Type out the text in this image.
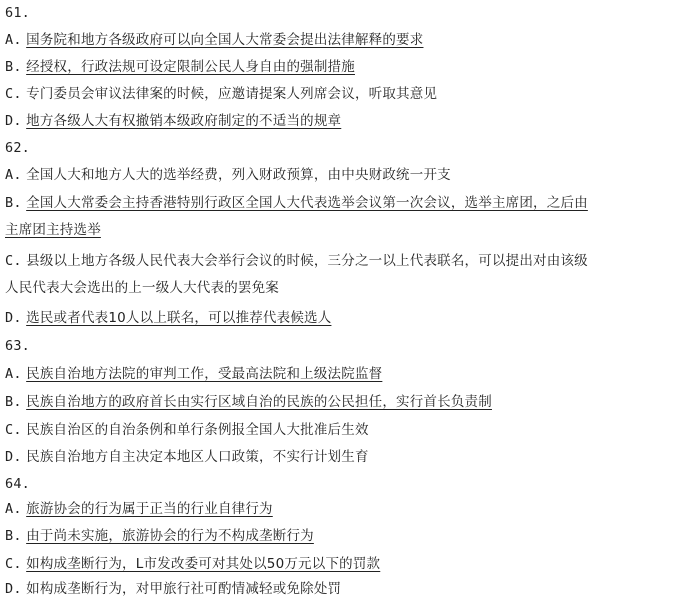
61.
A. 国务院和地方各级政府可以向全国人大常委会提出法律解释的要求
B. 经授权，行政法规可设定限制公民人身自由的强制措施
C. 专门委员会审议法律案的时候，应邀请提案人列席会议，听取其意见
D. 地方各级人大有权撤销本级政府制定的不适当的规章
62.
A. 全国人大和地方人大的选举经费，列入财政预算，由中央财政统一开支
B. 全国人大常委会主持香港特别行政区全国人大代表选举会议第一次会议，选举主席团，之后由
主席团主持选举
C. 县级以上地方各级人民代表大会举行会议的时候，三分之一以上代表联名，可以提出对由该级
人民代表大会选出的上一级人大代表的罢免案
D. 选民或者代表10人以上联名，可以推荐代表候选人
63.
A. 民族自治地方法院的审判工作，受最高法院和上级法院监督
B. 民族自治地方的政府首长由实行区域自治的民族的公民担任，实行首长负责制
C. 民族自治区的自治条例和单行条例报全国人大批准后生效
D. 民族自治地方自主决定本地区人口政策，不实行计划生育
64.
A. 旅游协会的行为属于正当的行业自律行为
B. 由于尚未实施，旅游协会的行为不构成垄断行为
C. 如构成垄断行为，L市发改委可对其处以50万元以下的罚款
D. 如构成垄断行为，对甲旅行社可酌情减轻或免除处罚
